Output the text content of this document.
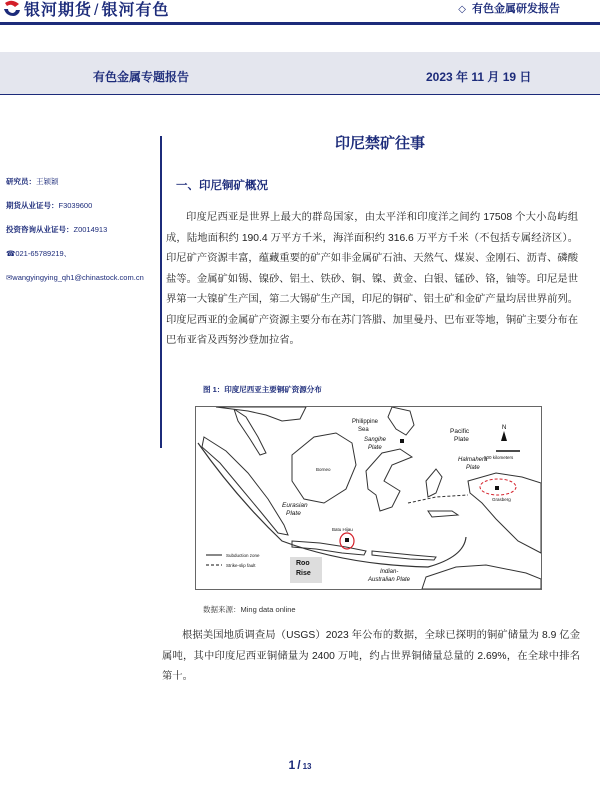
银河期货 / 银河有色	◇ 有色金属研发报告
有色金属专题报告	2023 年 11 月 19 日
印尼禁矿往事
研究员：王颖颖
期货从业证号：F3039600
投资咨询从业证号：Z0014913
☎021-65789219、
✉wangyingying_qh1@chinastock.com.cn
一、印尼铜矿概况
印度尼西亚是世界上最大的群岛国家，由太平洋和印度洋之间约 17508 个大小岛屿组成，陆地面积约 190.4 万平方千米，海洋面积约 316.6 万平方千米（不包括专属经济区）。印尼矿产资源丰富，蕴藏重要的矿产如非金属矿石油、天然气、煤炭、金刚石、沥青、磷酸盐等。金属矿如锡、镍砂、铝土、铁砂、铜、镍、黄金、白银、锰砂、铬，铀等。印尼是世界第一大镍矿生产国，第二大锡矿生产国，印尼的铜矿、铝土矿和金矿产量均居世界前列。印度尼西亚的金属矿产资源主要分布在苏门答腊、加里曼丹、巴布亚等地，铜矿主要分布在巴布亚省及西努沙登加拉省。
图 1：印度尼西亚主要铜矿资源分布
N
Pacific
Plate
Philippine
Sea
Sangihe
Plate
Halmahera
Plate
Eurasian
Plate
500 kilometers
Borneo
Grasberg
Batu Hijau
Roo
Rise	Indian-
Australian Plate
Subduction zone
Strike-slip fault
数据来源：Ming data online
根据美国地质调查局（USGS）2023 年公布的数据，全球已探明的铜矿储量为 8.9 亿金属吨，其中印度尼西亚铜储量为 2400 万吨，约占世界铜储量总量的 2.69%，在全球中排名第十。
1 / 13
